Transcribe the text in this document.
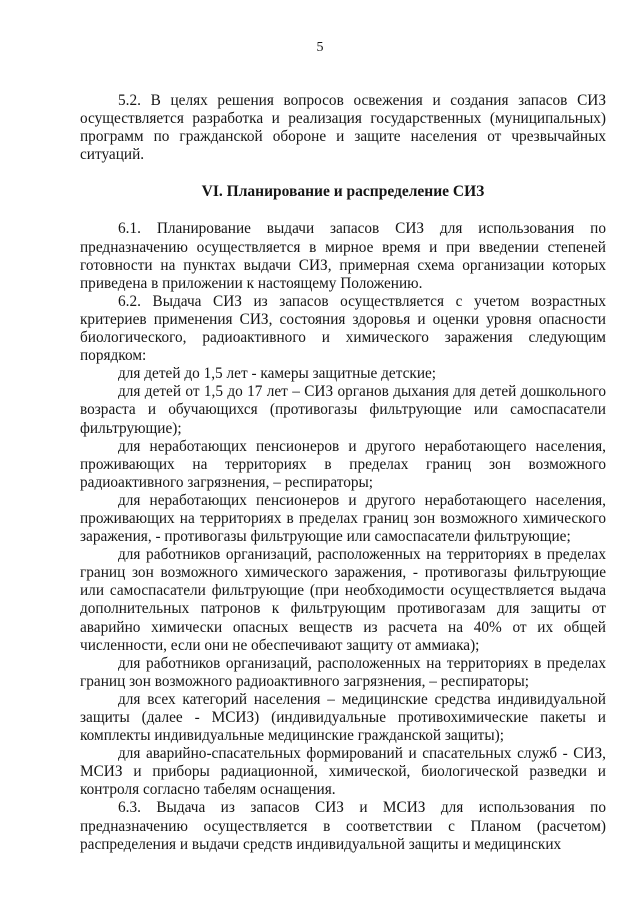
5

5.2. В целях решения вопросов освежения и создания запасов СИЗ осуществляется разработка и реализация государственных (муниципальных) программ по гражданской обороне и защите населения от чрезвычайных ситуаций.

VI. Планирование и распределение СИЗ

6.1. Планирование выдачи запасов СИЗ для использования по предназначению осуществляется в мирное время и при введении степеней готовности на пунктах выдачи СИЗ, примерная схема организации которых приведена в приложении к настоящему Положению.

6.2. Выдача СИЗ из запасов осуществляется с учетом возрастных критериев применения СИЗ, состояния здоровья и оценки уровня опасности биологического, радиоактивного и химического заражения следующим порядком:

для детей до 1,5 лет - камеры защитные детские;

для детей от 1,5 до 17 лет – СИЗ органов дыхания для детей дошкольного возраста и обучающихся (противогазы фильтрующие или самоспасатели фильтрующие);

для неработающих пенсионеров и другого неработающего населения, проживающих на территориях в пределах границ зон возможного радиоактивного загрязнения, – респираторы;

для неработающих пенсионеров и другого неработающего населения, проживающих на территориях в пределах границ зон возможного химического заражения, - противогазы фильтрующие или самоспасатели фильтрующие;

для работников организаций, расположенных на территориях в пределах границ зон возможного химического заражения, - противогазы фильтрующие или самоспасатели фильтрующие (при необходимости осуществляется выдача дополнительных патронов к фильтрующим противогазам для защиты от аварийно химически опасных веществ из расчета на 40% от их общей численности, если они не обеспечивают защиту от аммиака);

для работников организаций, расположенных на территориях в пределах границ зон возможного радиоактивного загрязнения, – респираторы;

для всех категорий населения – медицинские средства индивидуальной защиты (далее - МСИЗ) (индивидуальные противохимические пакеты и комплекты индивидуальные медицинские гражданской защиты);

для аварийно-спасательных формирований и спасательных служб - СИЗ, МСИЗ и приборы радиационной, химической, биологической разведки и контроля согласно табелям оснащения.

6.3. Выдача из запасов СИЗ и МСИЗ для использования по предназначению осуществляется в соответствии с Планом (расчетом) распределения и выдачи средств индивидуальной защиты и медицинских
